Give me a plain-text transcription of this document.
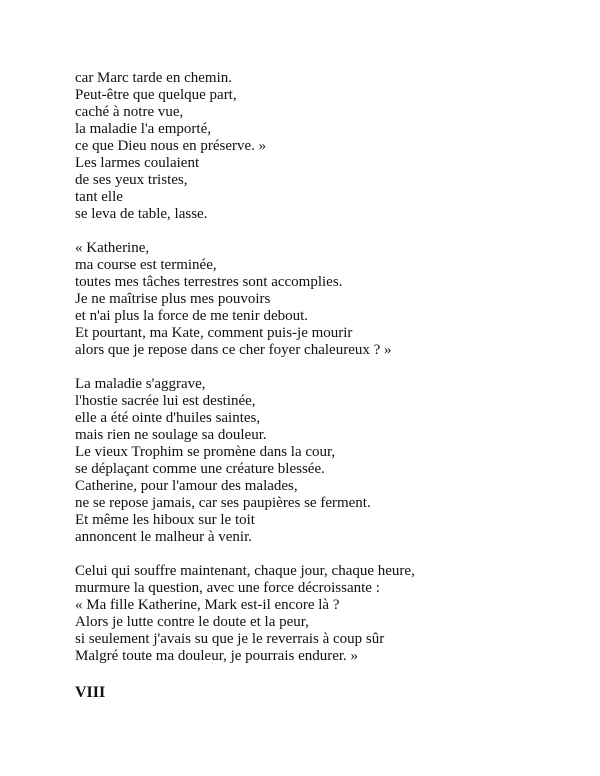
car Marc tarde en chemin.
Peut-être que quelque part,
caché à notre vue,
la maladie l'a emporté,
ce que Dieu nous en préserve. »
Les larmes coulaient
de ses yeux tristes,
tant elle
se leva de table, lasse.
« Katherine,
ma course est terminée,
toutes mes tâches terrestres sont accomplies.
Je ne maîtrise plus mes pouvoirs
et n'ai plus la force de me tenir debout.
Et pourtant, ma Kate, comment puis-je mourir
alors que je repose dans ce cher foyer chaleureux ? »
La maladie s'aggrave,
l'hostie sacrée lui est destinée,
elle a été ointe d'huiles saintes,
mais rien ne soulage sa douleur.
Le vieux Trophim se promène dans la cour,
se déplaçant comme une créature blessée.
Catherine, pour l'amour des malades,
ne se repose jamais, car ses paupières se ferment.
Et même les hiboux sur le toit
annoncent le malheur à venir.
Celui qui souffre maintenant, chaque jour, chaque heure,
murmure la question, avec une force décroissante :
« Ma fille Katherine, Mark est-il encore là ?
Alors je lutte contre le doute et la peur,
si seulement j'avais su que je le reverrais à coup sûr
Malgré toute ma douleur, je pourrais endurer. »
VIII
